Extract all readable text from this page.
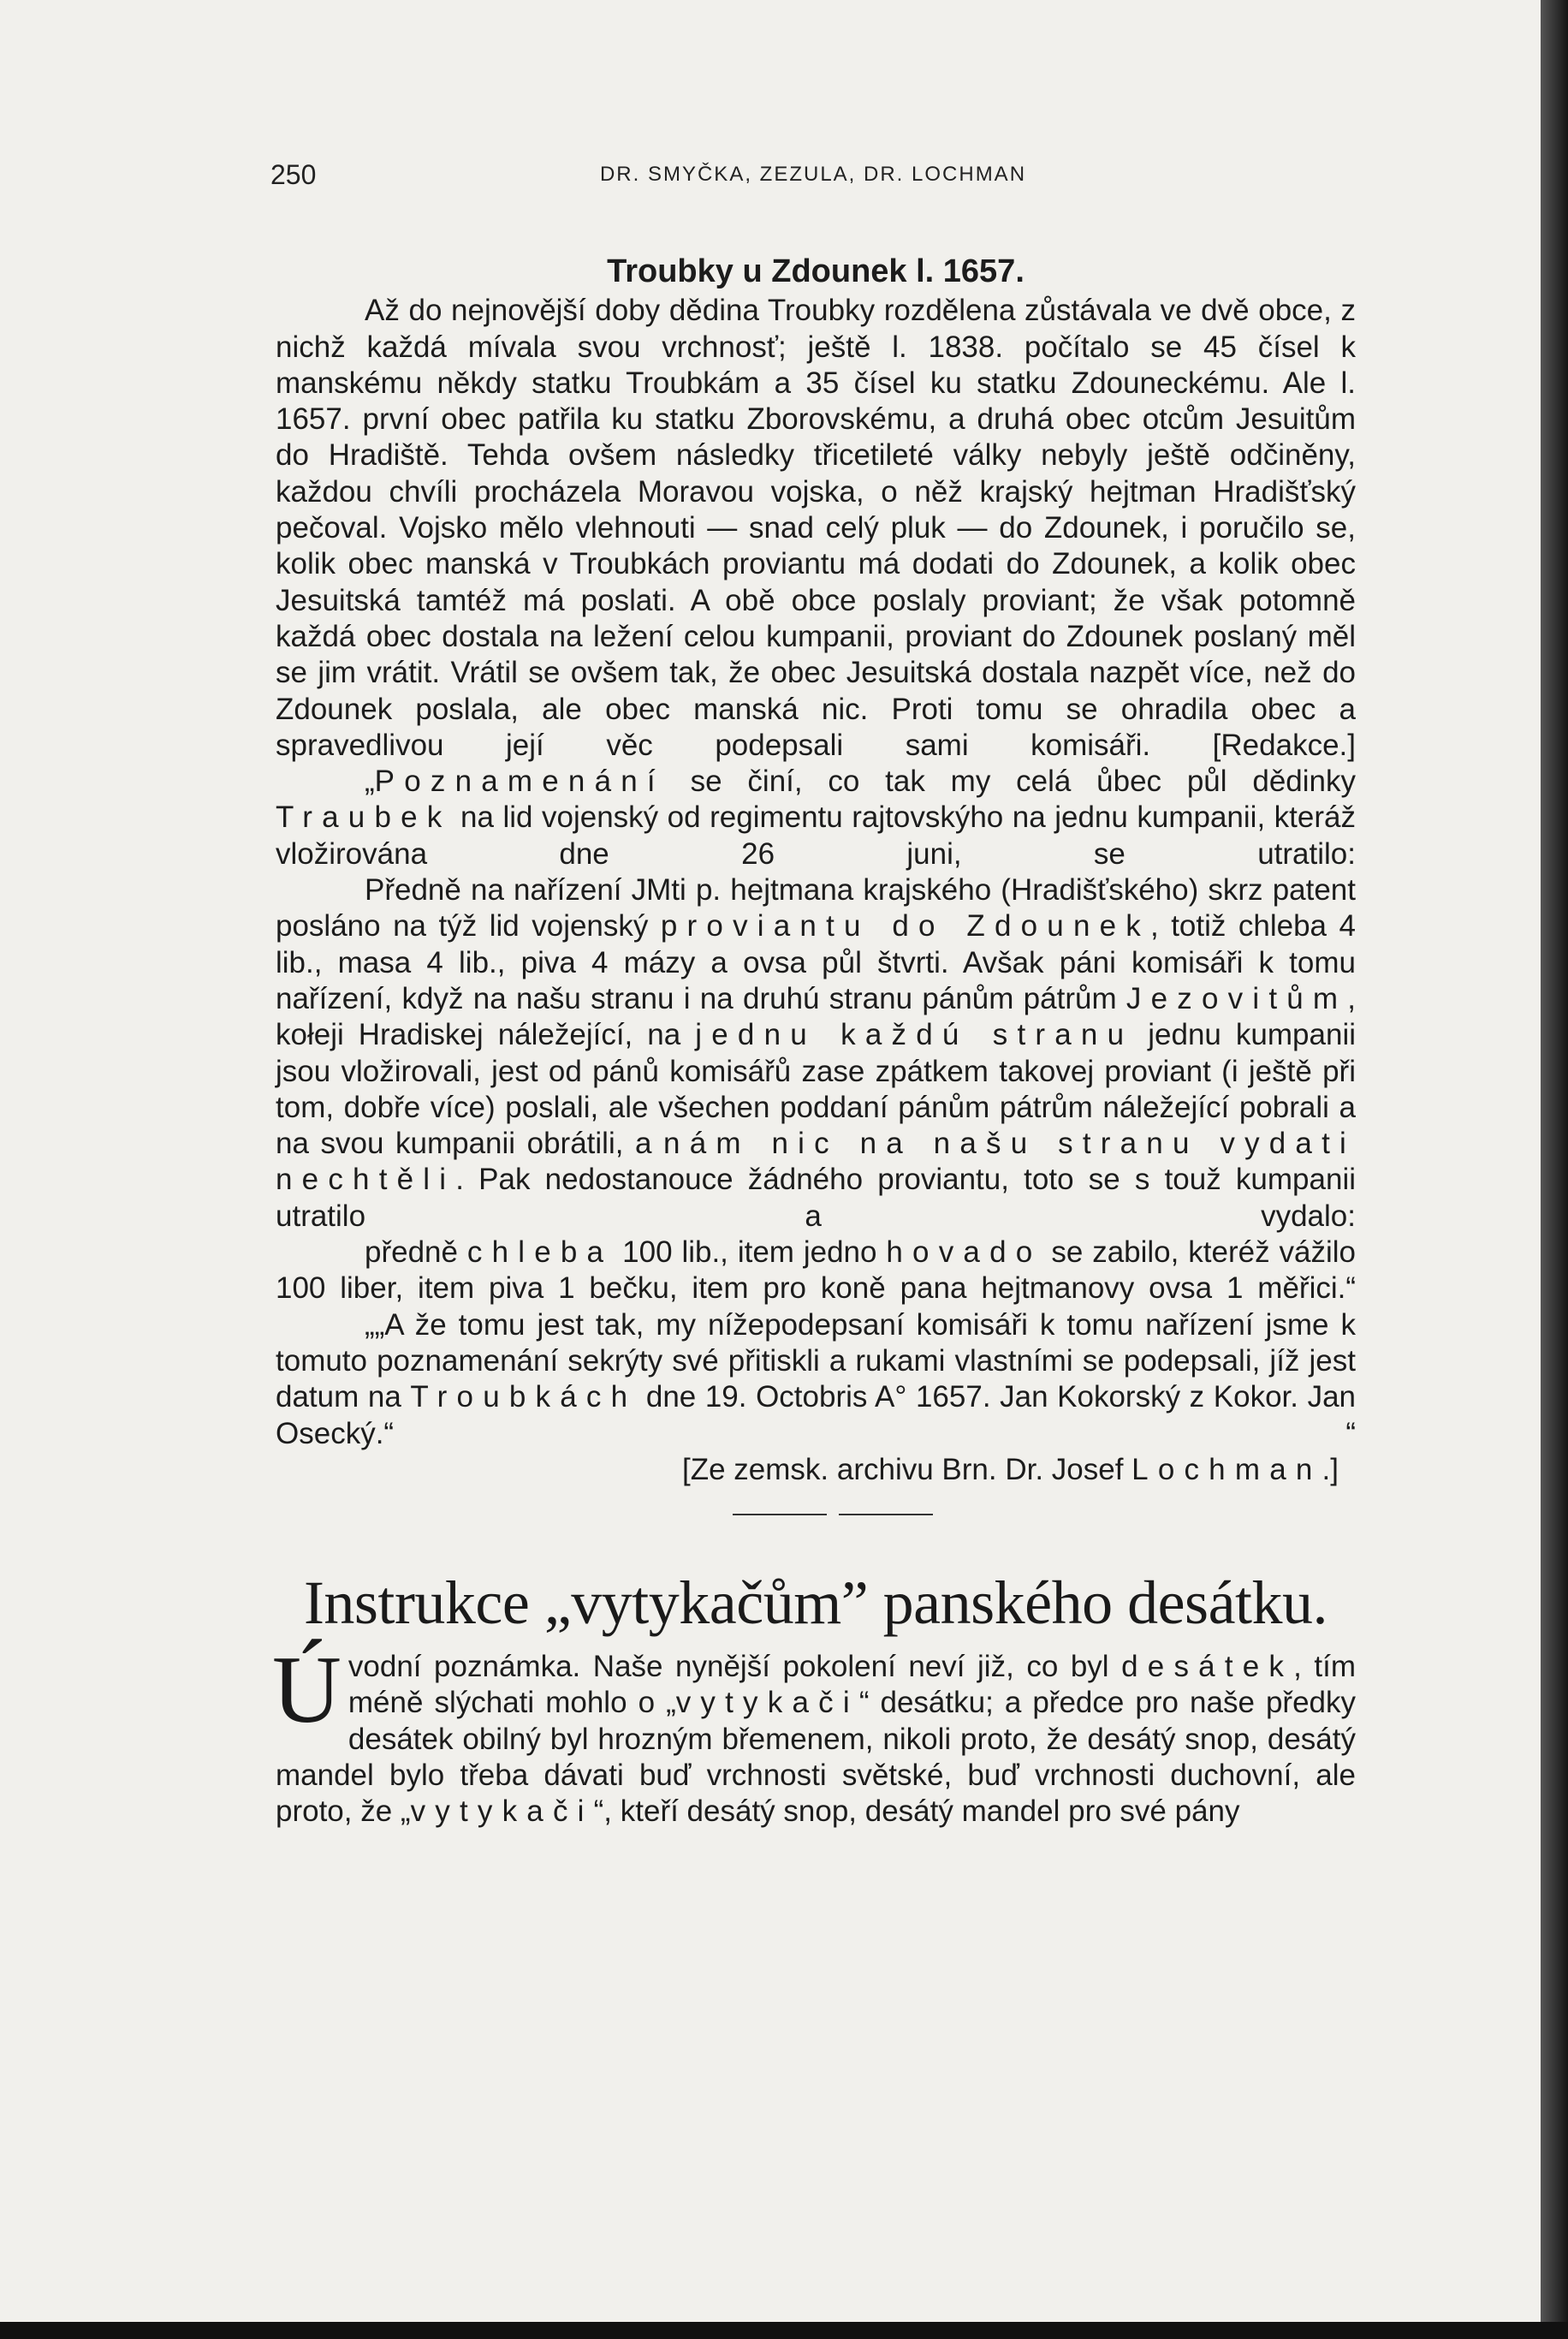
250	DR. SMYČKA, ZEZULA, DR. LOCHMAN
Troubky u Zdounek l. 1657.

Až do nejnovější doby dědina Troubky rozdělena zůstávala ve dvě obce, z nichž každá mívala svou vrchnosť; ještě l. 1838. počítalo se 45 čísel k manskému někdy statku Troubkám a 35 čísel ku statku Zdouneckému. Ale l. 1657. první obec patřila ku statku Zborovskému, a druhá obec otcům Jesuitům do Hradiště. Tehda ovšem následky třicetileté války nebyly ještě odčiněny, každou chvíli procházela Moravou vojska, o něž krajský hejtman Hradišťský pečoval. Vojsko mělo vlehnouti — snad celý pluk — do Zdounek, i poručilo se, kolik obec manská v Troubkách proviantu má dodati do Zdounek, a kolik obec Jesuitská tamtéž má poslati. A obě obce poslaly proviant; že však potomně každá obec dostala na ležení celou kumpanii, proviant do Zdounek poslaný měl se jim vrátit. Vrátil se ovšem tak, že obec Jesuitská dostala nazpět více, než do Zdounek poslala, ale obec manská nic. Proti tomu se ohradila obec a spravedlivou její věc podepsali sami komisáři. [Redakce.]

„Poznamenání se činí, co tak my celá ůbec půl dědinky Traubek na lid vojenský od regimentu rajtovskýho na jednu kumpanii, kteráž vložirována dne 26 juni, se utratilo:

Předně na nařízení JMti p. hejtmana krajského (Hradišťského) skrz patent posláno na týž lid vojenský proviantu do Zdounek, totiž chleba 4 lib., masa 4 lib., piva 4 mázy a ovsa půl štvrti. Avšak páni komisáři k tomu nařízení, když na našu stranu i na druhú stranu pánům pátrům Jezovitům, kołeji Hradiskej náležející, na jednu každú stranu jednu kumpanii jsou vložirovali, jest od pánů komisářů zase zpátkem takovej proviant (i ještě při tom, dobře více) poslali, ale všechen poddaní pánům pátrům náležející pobrali a na svou kumpanii obrátili, a nám nic na našu stranu vydati nechtěli. Pak nedostanouce žádného proviantu, toto se s touž kumpanii utratilo a vydalo:

předně chleba 100 lib., item jedno hovado se zabilo, kteréž vážilo 100 liber, item piva 1 bečku, item pro koně pana hejtmanovy ovsa 1 měřici.“

„„A že tomu jest tak, my nížepodepsaní komisáři k tomu nařízení jsme k tomuto poznamenání sekrýty své přitiskli a rukami vlastními se podepsali, jíž jest datum na Troubkách dne 19. Octobris A° 1657. Jan Kokorský z Kokor. Jan Osecký.“ “

[Ze zemsk. archivu Brn. Dr. Josef Lochman.]

Instrukce „vytykačům” panského desátku.

Úvodní poznámka. Naše nynější pokolení neví již, co byl desátek, tím méně slýchati mohlo o „vytykači“ desátku; a předce pro naše předky desátek obilný byl hrozným břemenem, nikoli proto, že desátý snop, desátý mandel bylo třeba dávati buď vrchnosti světské, buď vrchnosti duchovní, ale proto, že „vytykači“, kteří desátý snop, desátý mandel pro své pány
